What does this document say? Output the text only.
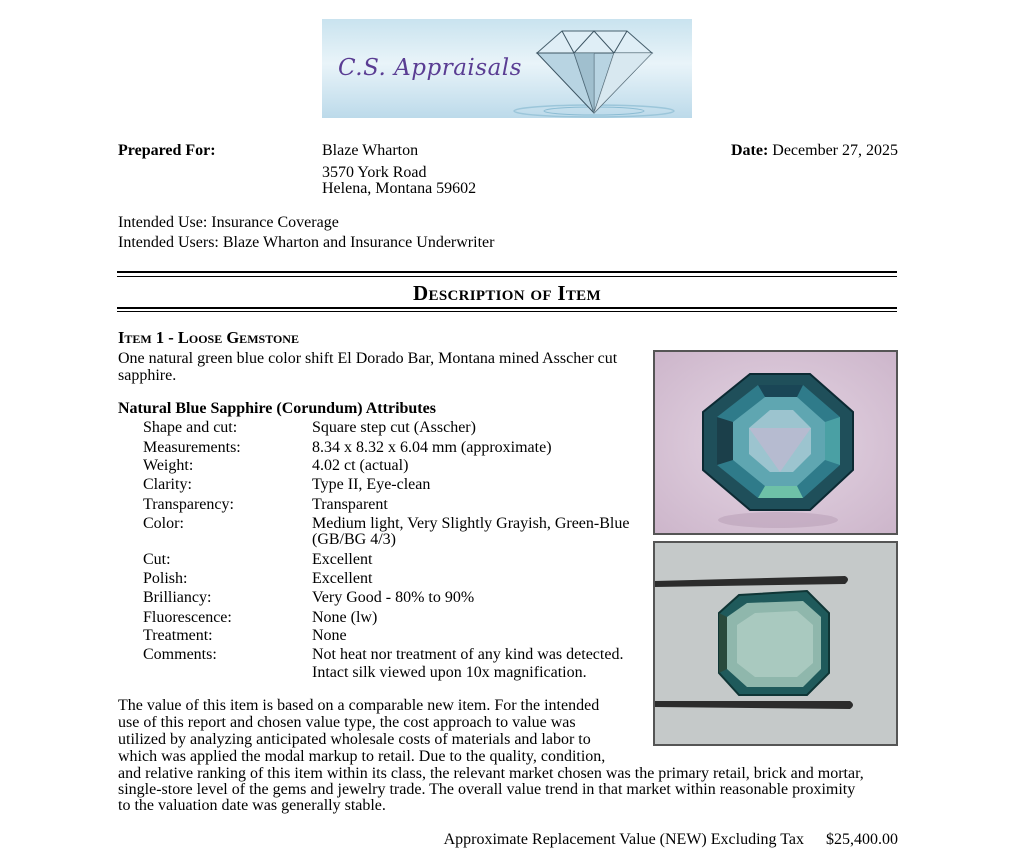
C.S. Appraisals
Prepared For:	Blaze Wharton
3570 York Road
Helena, Montana 59602
Date: December 27, 2025
Intended Use: Insurance Coverage
Intended Users: Blaze Wharton and Insurance Underwriter
Description of Item
Item 1 - Loose Gemstone
One natural green blue color shift El Dorado Bar, Montana mined Asscher cut
sapphire.
Natural Blue Sapphire (Corundum) Attributes
Shape and cut:	Square step cut (Asscher)
Measurements:	8.34 x 8.32 x 6.04 mm (approximate)
Weight:	4.02 ct (actual)
Clarity:	Type II, Eye-clean
Transparency:	Transparent
Color:	Medium light, Very Slightly Grayish, Green-Blue
(GB/BG 4/3)
Cut:	Excellent
Polish:	Excellent
Brilliancy:	Very Good - 80% to 90%
Fluorescence:	None (lw)
Treatment:	None
Comments:	Not heat nor treatment of any kind was detected.
Intact silk viewed upon 10x magnification.
The value of this item is based on a comparable new item. For the intended
use of this report and chosen value type, the cost approach to value was
utilized by analyzing anticipated wholesale costs of materials and labor to
which was applied the modal markup to retail. Due to the quality, condition,
and relative ranking of this item within its class, the relevant market chosen was the primary retail, brick and mortar,
single-store level of the gems and jewelry trade. The overall value trend in that market within reasonable proximity
to the valuation date was generally stable.
Approximate Replacement Value (NEW) Excluding Tax $25,400.00
